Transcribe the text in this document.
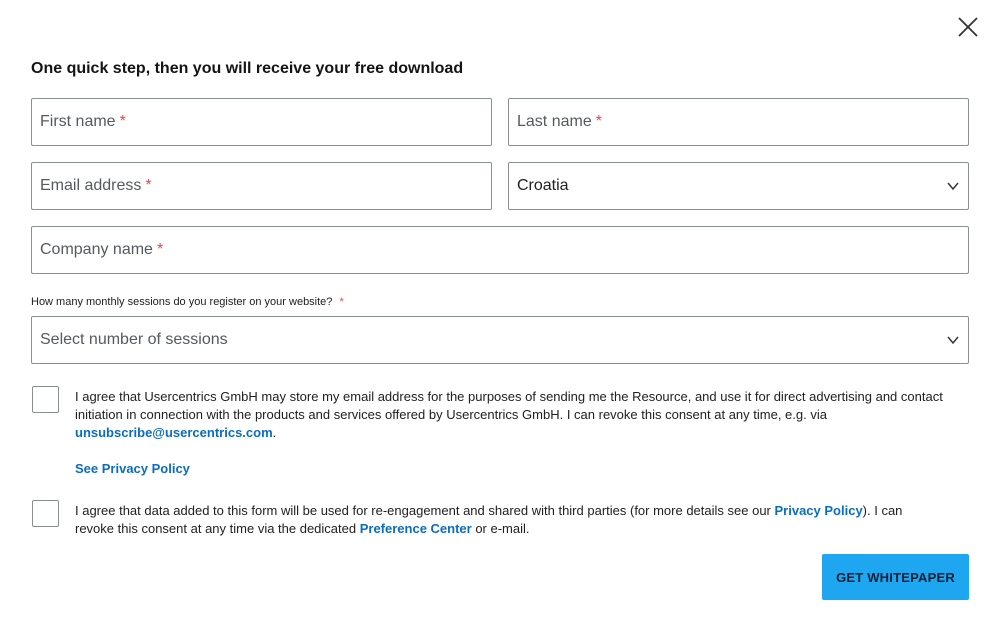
One quick step, then you will receive your free download
First name *	Last name *
Email address *	Croatia
Company name *
How many monthly sessions do you register on your website? *
Select number of sessions
I agree that Usercentrics GmbH may store my email address for the purposes of sending me the Resource, and use it for direct advertising and contact initiation in connection with the products and services offered by Usercentrics GmbH. I can revoke this consent at any time, e.g. via unsubscribe@usercentrics.com.
See Privacy Policy
I agree that data added to this form will be used for re-engagement and shared with third parties (for more details see our Privacy Policy). I can revoke this consent at any time via the dedicated Preference Center or e-mail.
GET WHITEPAPER
